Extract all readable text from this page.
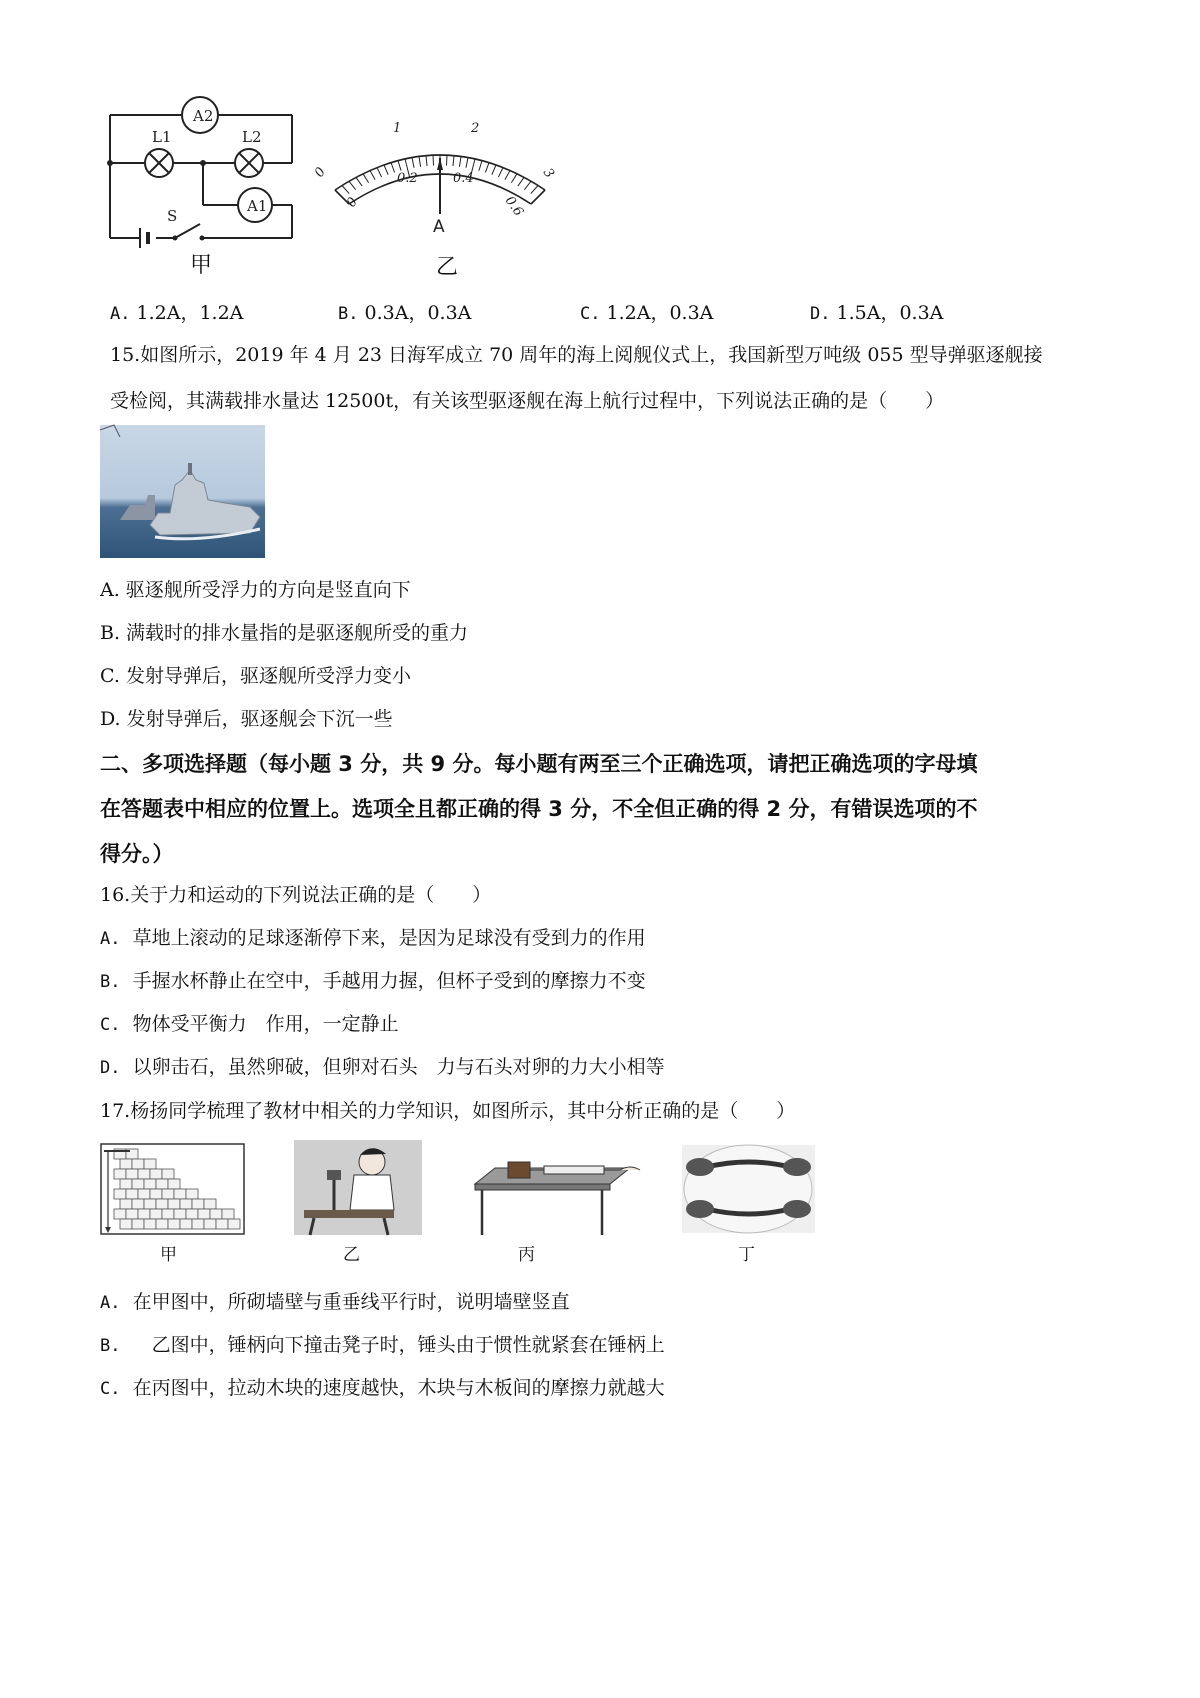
A2
L1	L2
A1
S
甲
0
1	2
3
0
0.2	0.4
0.6
A
乙
A. 1.2A，1.2A	B. 0.3A，0.3A	C. 1.2A，0.3A	D. 1.5A，0.3A
15.如图所示，2019 年 4 月 23 日海军成立 70 周年的海上阅舰仪式上，我国新型万吨级 055 型导弹驱逐舰接
受检阅，其满载排水量达 12500t，有关该型驱逐舰在海上航行过程中，下列说法正确的是（　　）
A. 驱逐舰所受浮力的方向是竖直向下
B. 满载时的排水量指的是驱逐舰所受的重力
C. 发射导弹后，驱逐舰所受浮力变小
D. 发射导弹后，驱逐舰会下沉一些
二、多项选择题（每小题 3 分，共 9 分。每小题有两至三个正确选项，请把正确选项的字母填
在答题表中相应的位置上。选项全且都正确的得 3 分，不全但正确的得 2 分，有错误选项的不
得分。）
16.关于力和运动的下列说法正确的是（　　）
A. 草地上滚动的足球逐渐停下来，是因为足球没有受到力的作用
B. 手握水杯静止在空中，手越用力握，但杯子受到的摩擦力不变
C. 物体受平衡力　作用，一定静止
D. 以卵击石，虽然卵破，但卵对石头　力与石头对卵的力大小相等
17.杨扬同学梳理了教材中相关的力学知识，如图所示，其中分析正确的是（　　）
甲	乙	丙	丁
A. 在甲图中，所砌墙壁与重垂线平行时，说明墙壁竖直
B.  　乙图中，锤柄向下撞击凳子时，锤头由于惯性就紧套在锤柄上
C. 在丙图中，拉动木块的速度越快，木块与木板间的摩擦力就越大
